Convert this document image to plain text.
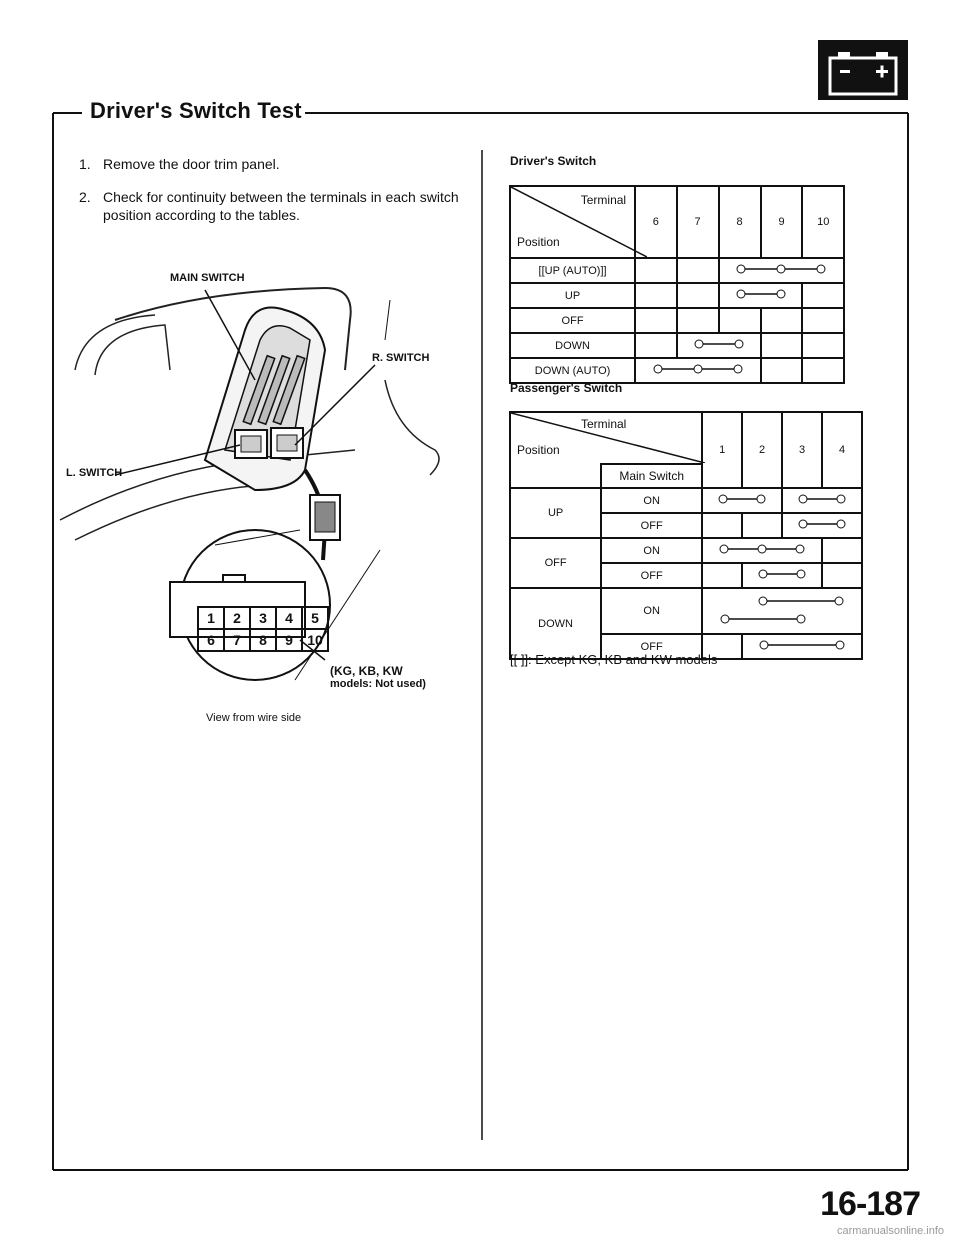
Driver's Switch Test
1. Remove the door trim panel.
2. Check for continuity between the terminals in each switch position according to the tables.
1	2	3	4	5
6	7	8	9	10
MAIN SWITCH
R. SWITCH
L. SWITCH
(KG, KB, KW
models: Not used)
View from wire side
Driver's Switch
Terminal
Position	6	7	8	9	10
[[UP (AUTO)]]			
UP				
OFF					
DOWN				
DOWN (AUTO)			
Passenger's Switch
Terminal
Position		1	2	3	4
	Main Switch				
UP	ON		
	OFF			
OFF	ON		
	OFF			
DOWN	ON	
	OFF		
[[ ]]: Except KG, KB and KW models
16-187
carmanualsonline.info
